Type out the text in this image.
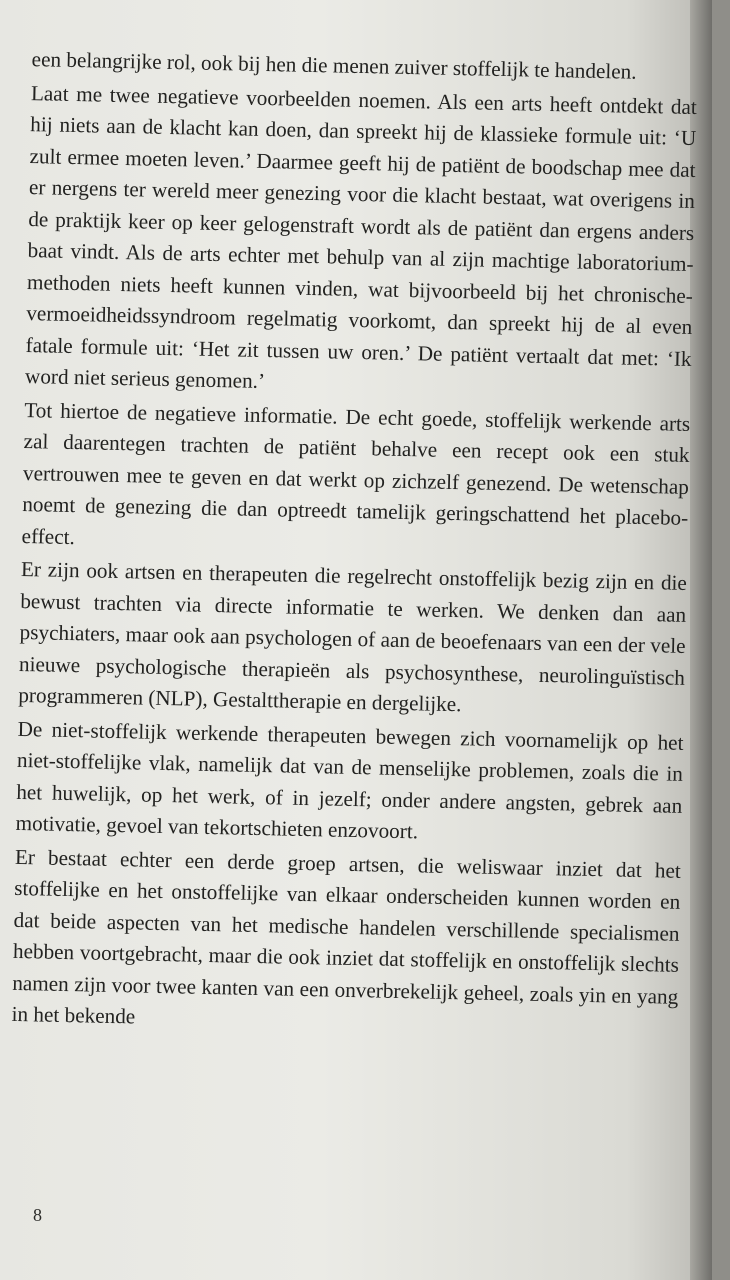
een belangrijke rol, ook bij hen die menen zuiver stoffelijk te handelen.

Laat me twee negatieve voorbeelden noemen. Als een arts heeft ontdekt dat hij niets aan de klacht kan doen, dan spreekt hij de klassieke formule uit: ‘U zult ermee moeten leven.’ Daarmee geeft hij de patiënt de boodschap mee dat er nergens ter wereld meer genezing voor die klacht bestaat, wat overigens in de praktijk keer op keer gelogenstraft wordt als de patiënt dan ergens anders baat vindt. Als de arts echter met behulp van al zijn machtige laboratoriummethoden niets heeft kunnen vinden, wat bijvoorbeeld bij het chronische-vermoeidheidssyndroom regelmatig voorkomt, dan spreekt hij de al even fatale formule uit: ‘Het zit tussen uw oren.’ De patiënt vertaalt dat met: ‘Ik word niet serieus genomen.’

Tot hiertoe de negatieve informatie. De echt goede, stoffelijk werkende arts zal daarentegen trachten de patiënt behalve een recept ook een stuk vertrouwen mee te geven en dat werkt op zichzelf genezend. De wetenschap noemt de genezing die dan optreedt tamelijk geringschattend het placebo-effect.

Er zijn ook artsen en therapeuten die regelrecht onstoffelijk bezig zijn en die bewust trachten via directe informatie te werken. We denken dan aan psychiaters, maar ook aan psychologen of aan de beoefenaars van een der vele nieuwe psychologische therapieën als psychosynthese, neurolinguïstisch programmeren (NLP), Gestalttherapie en dergelijke.

De niet-stoffelijk werkende therapeuten bewegen zich voornamelijk op het niet-stoffelijke vlak, namelijk dat van de menselijke problemen, zoals die in het huwelijk, op het werk, of in jezelf; onder andere angsten, gebrek aan motivatie, gevoel van tekortschieten enzovoort.

Er bestaat echter een derde groep artsen, die weliswaar inziet dat het stoffelijke en het onstoffelijke van elkaar onderscheiden kunnen worden en dat beide aspecten van het medische handelen verschillende specialismen hebben voortgebracht, maar die ook inziet dat stoffelijk en onstoffelijk slechts namen zijn voor twee kanten van een onverbrekelijk geheel, zoals yin en yang in het bekende

8
